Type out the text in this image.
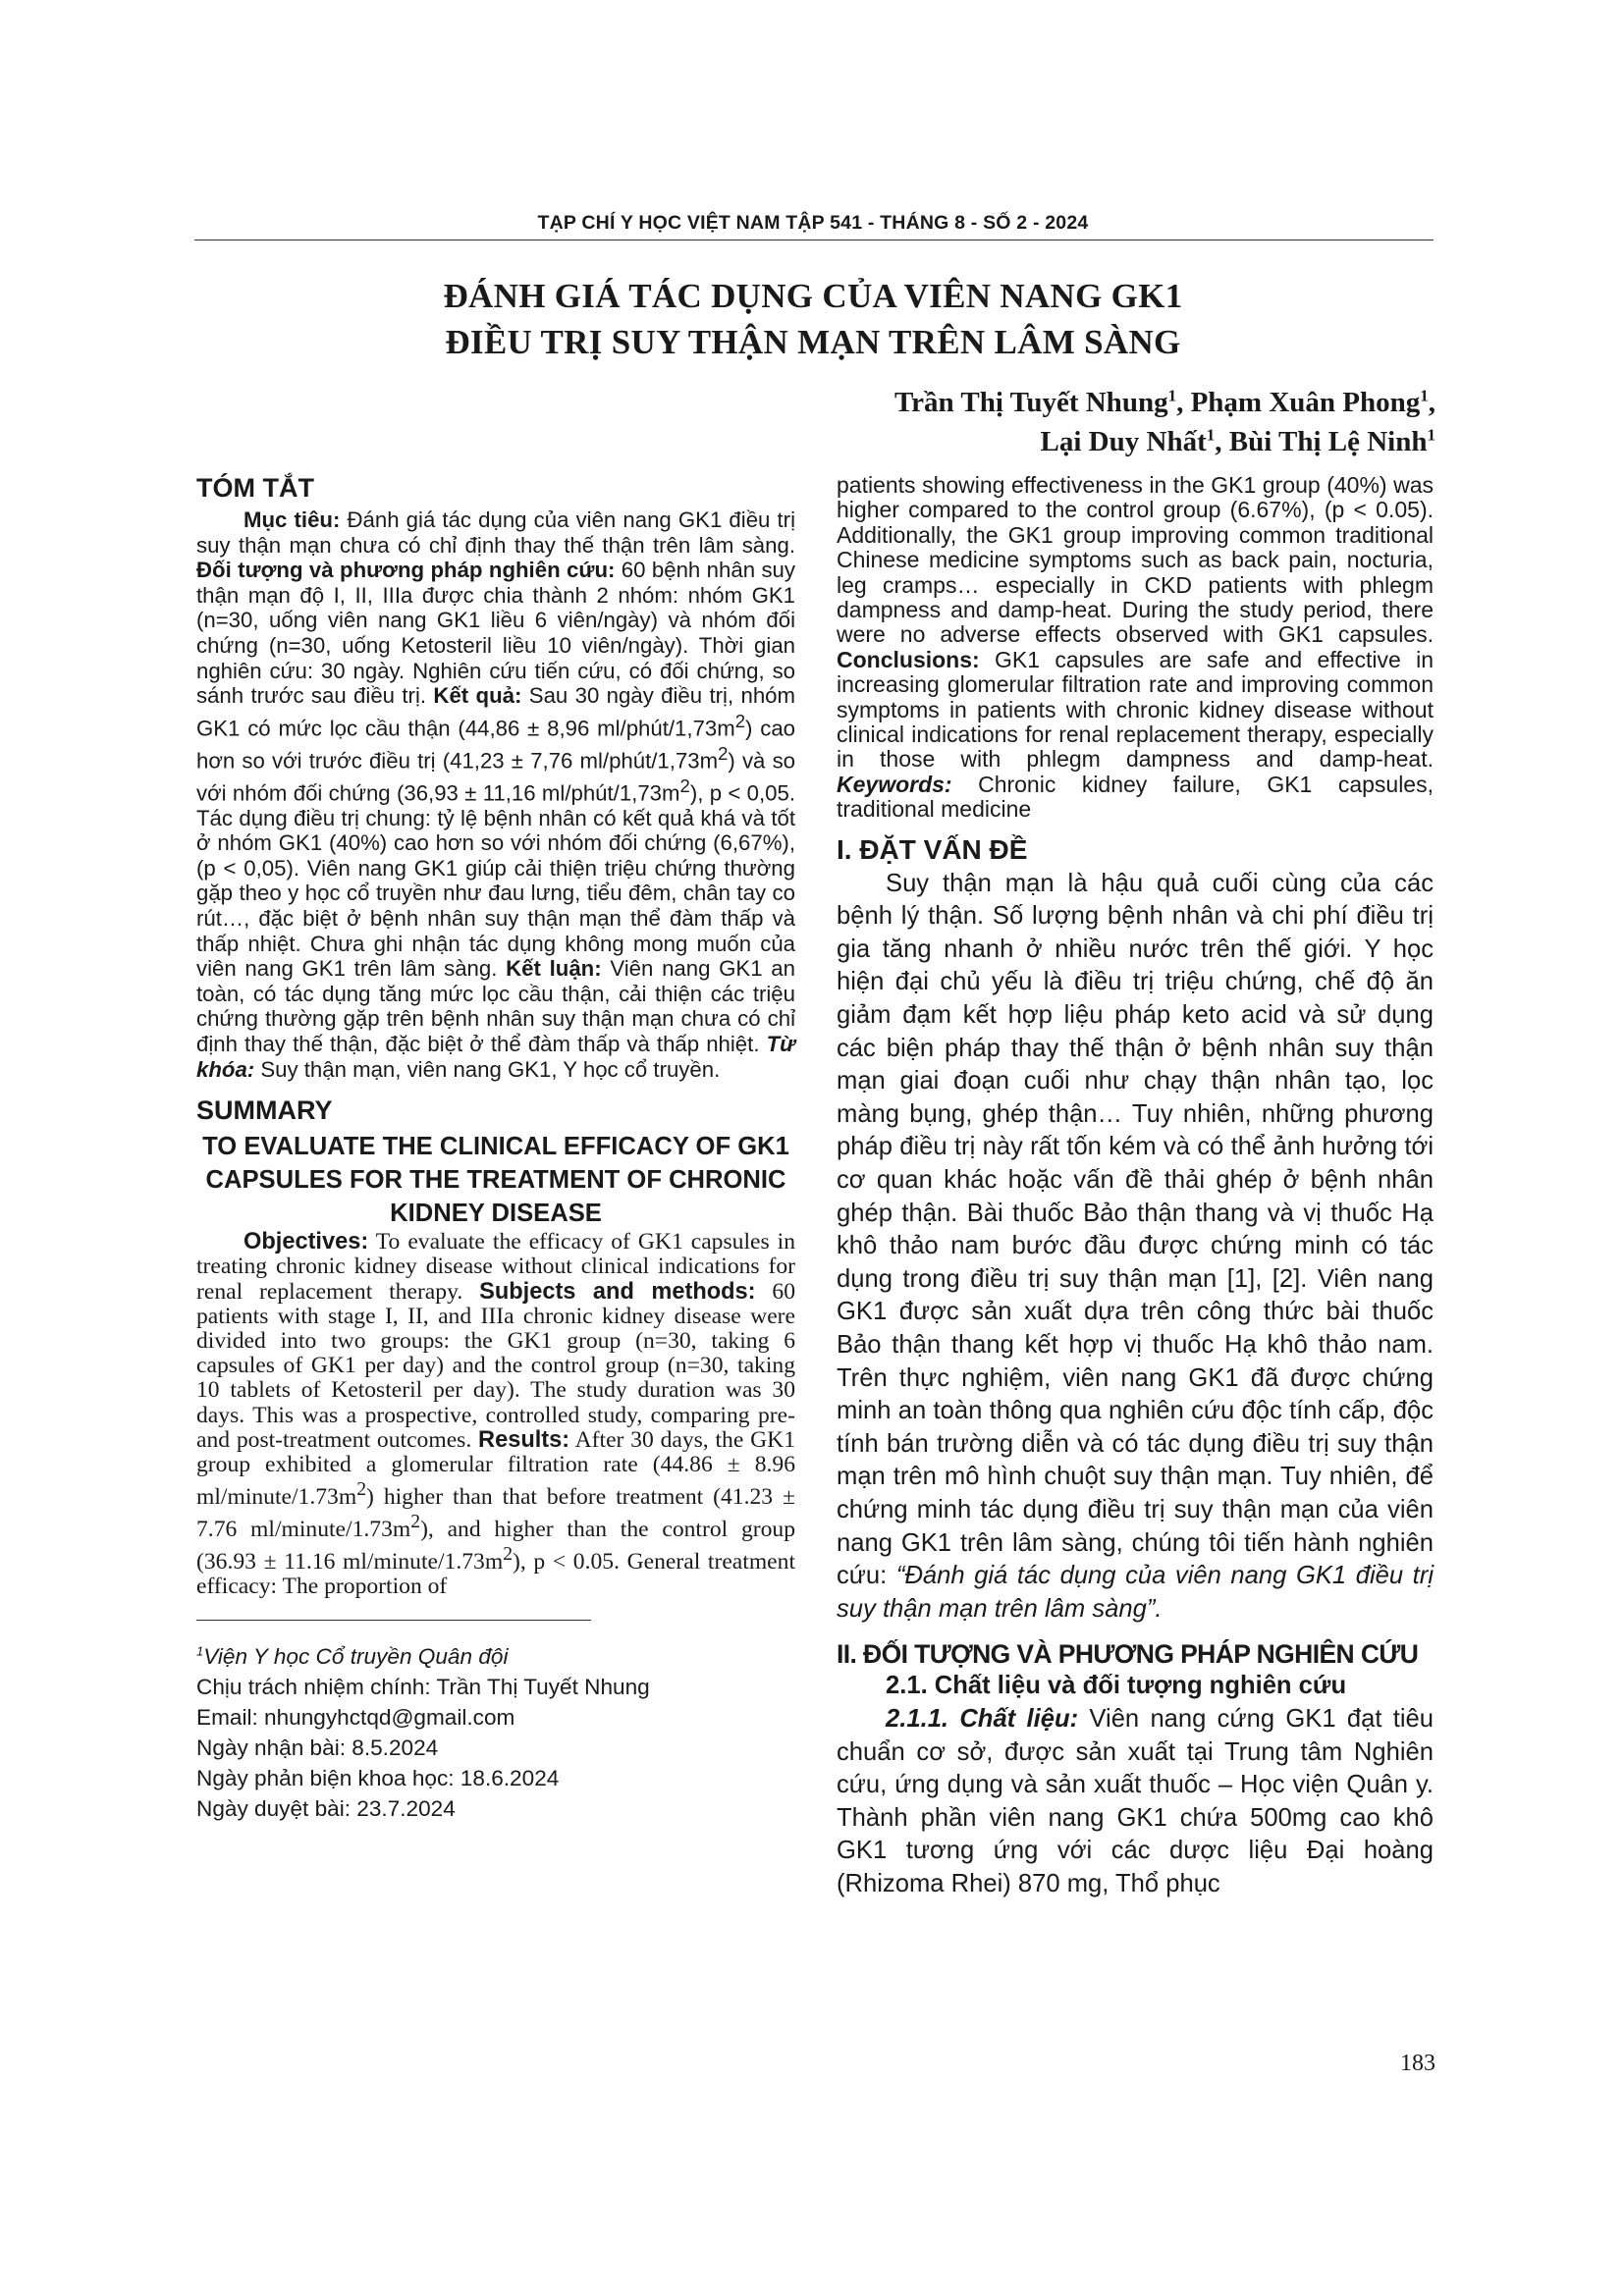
TẠP CHÍ Y HỌC VIỆT NAM TẬP 541 - THÁNG 8 - SỐ 2 - 2024
ĐÁNH GIÁ TÁC DỤNG CỦA VIÊN NANG GK1
ĐIỀU TRỊ SUY THẬN MẠN TRÊN LÂM SÀNG
Trần Thị Tuyết Nhung$^1$, Phạm Xuân Phong$^1$,
Lại Duy Nhất$^1$, Bùi Thị Lệ Ninh$^1$
TÓM TẮT

Mục tiêu: Đánh giá tác dụng của viên nang GK1 điều trị suy thận mạn chưa có chỉ định thay thế thận trên lâm sàng. Đối tượng và phương pháp nghiên cứu: 60 bệnh nhân suy thận mạn độ I, II, IIIa được chia thành 2 nhóm: nhóm GK1 (n=30, uống viên nang GK1 liều 6 viên/ngày) và nhóm đối chứng (n=30, uống Ketosteril liều 10 viên/ngày). Thời gian nghiên cứu: 30 ngày. Nghiên cứu tiến cứu, có đối chứng, so sánh trước sau điều trị. Kết quả: Sau 30 ngày điều trị, nhóm GK1 có mức lọc cầu thận (44,86 ± 8,96 $ml/phút/1,73m^2$) cao hơn so với trước điều trị (41,23 ± 7,76 $ml/phút/1,73m^2$) và so với nhóm đối chứng (36,93 ± 11,16 $ml/phút/1,73m^2$), p < 0,05. Tác dụng điều trị chung: tỷ lệ bệnh nhân có kết quả khá và tốt ở nhóm GK1 (40%) cao hơn so với nhóm đối chứng (6,67%), (p < 0,05). Viên nang GK1 giúp cải thiện triệu chứng thường gặp theo y học cổ truyền như đau lưng, tiểu đêm, chân tay co rút…, đặc biệt ở bệnh nhân suy thận mạn thể đàm thấp và thấp nhiệt. Chưa ghi nhận tác dụng không mong muốn của viên nang GK1 trên lâm sàng. Kết luận: Viên nang GK1 an toàn, có tác dụng tăng mức lọc cầu thận, cải thiện các triệu chứng thường gặp trên bệnh nhân suy thận mạn chưa có chỉ định thay thế thận, đặc biệt ở thể đàm thấp và thấp nhiệt. Từ khóa: Suy thận mạn, viên nang GK1, Y học cổ truyền.

SUMMARY

TO EVALUATE THE CLINICAL EFFICACY OF GK1 CAPSULES FOR THE TREATMENT OF CHRONIC KIDNEY DISEASE

Objectives: To evaluate the efficacy of GK1 capsules in treating chronic kidney disease without clinical indications for renal replacement therapy. Subjects and methods: 60 patients with stage I, II, and IIIa chronic kidney disease were divided into two groups: the GK1 group (n=30, taking 6 capsules of GK1 per day) and the control group (n=30, taking 10 tablets of Ketosteril per day). The study duration was 30 days. This was a prospective, controlled study, comparing pre- and post-treatment outcomes. Results: After 30 days, the GK1 group exhibited a glomerular filtration rate (44.86 ± 8.96 $ml/minute/1.73m^2$) higher than that before treatment (41.23 ± 7.76 $ml/minute/1.73m^2$), and higher than the control group (36.93 ± 11.16 $ml/minute/1.73m^2$), p < 0.05. General treatment efficacy: The proportion of

$^1$Viện Y học Cổ truyền Quân đội

Chịu trách nhiệm chính: Trần Thị Tuyết Nhung

Email: nhungyhctqd@gmail.com

Ngày nhận bài: 8.5.2024

Ngày phản biện khoa học: 18.6.2024

Ngày duyệt bài: 23.7.2024

patients showing effectiveness in the GK1 group (40%) was higher compared to the control group (6.67%), (p < 0.05). Additionally, the GK1 group improving common traditional Chinese medicine symptoms such as back pain, nocturia, leg cramps… especially in CKD patients with phlegm dampness and damp-heat. During the study period, there were no adverse effects observed with GK1 capsules. Conclusions: GK1 capsules are safe and effective in increasing glomerular filtration rate and improving common symptoms in patients with chronic kidney disease without clinical indications for renal replacement therapy, especially in those with phlegm dampness and damp-heat. Keywords: Chronic kidney failure, GK1 capsules, traditional medicine

I. ĐẶT VẤN ĐỀ

Suy thận mạn là hậu quả cuối cùng của các bệnh lý thận. Số lượng bệnh nhân và chi phí điều trị gia tăng nhanh ở nhiều nước trên thế giới. Y học hiện đại chủ yếu là điều trị triệu chứng, chế độ ăn giảm đạm kết hợp liệu pháp keto acid và sử dụng các biện pháp thay thế thận ở bệnh nhân suy thận mạn giai đoạn cuối như chạy thận nhân tạo, lọc màng bụng, ghép thận… Tuy nhiên, những phương pháp điều trị này rất tốn kém và có thể ảnh hưởng tới cơ quan khác hoặc vấn đề thải ghép ở bệnh nhân ghép thận. Bài thuốc Bảo thận thang và vị thuốc Hạ khô thảo nam bước đầu được chứng minh có tác dụng trong điều trị suy thận mạn [1], [2]. Viên nang GK1 được sản xuất dựa trên công thức bài thuốc Bảo thận thang kết hợp vị thuốc Hạ khô thảo nam. Trên thực nghiệm, viên nang GK1 đã được chứng minh an toàn thông qua nghiên cứu độc tính cấp, độc tính bán trường diễn và có tác dụng điều trị suy thận mạn trên mô hình chuột suy thận mạn. Tuy nhiên, để chứng minh tác dụng điều trị suy thận mạn của viên nang GK1 trên lâm sàng, chúng tôi tiến hành nghiên cứu: “Đánh giá tác dụng của viên nang GK1 điều trị suy thận mạn trên lâm sàng”.

II. ĐỐI TƯỢNG VÀ PHƯƠNG PHÁP NGHIÊN CỨU

2.1. Chất liệu và đối tượng nghiên cứu

2.1.1. Chất liệu: Viên nang cứng GK1 đạt tiêu chuẩn cơ sở, được sản xuất tại Trung tâm Nghiên cứu, ứng dụng và sản xuất thuốc – Học viện Quân y. Thành phần viên nang GK1 chứa 500mg cao khô GK1 tương ứng với các dược liệu Đại hoàng (Rhizoma Rhei) 870 mg, Thổ phục

183
